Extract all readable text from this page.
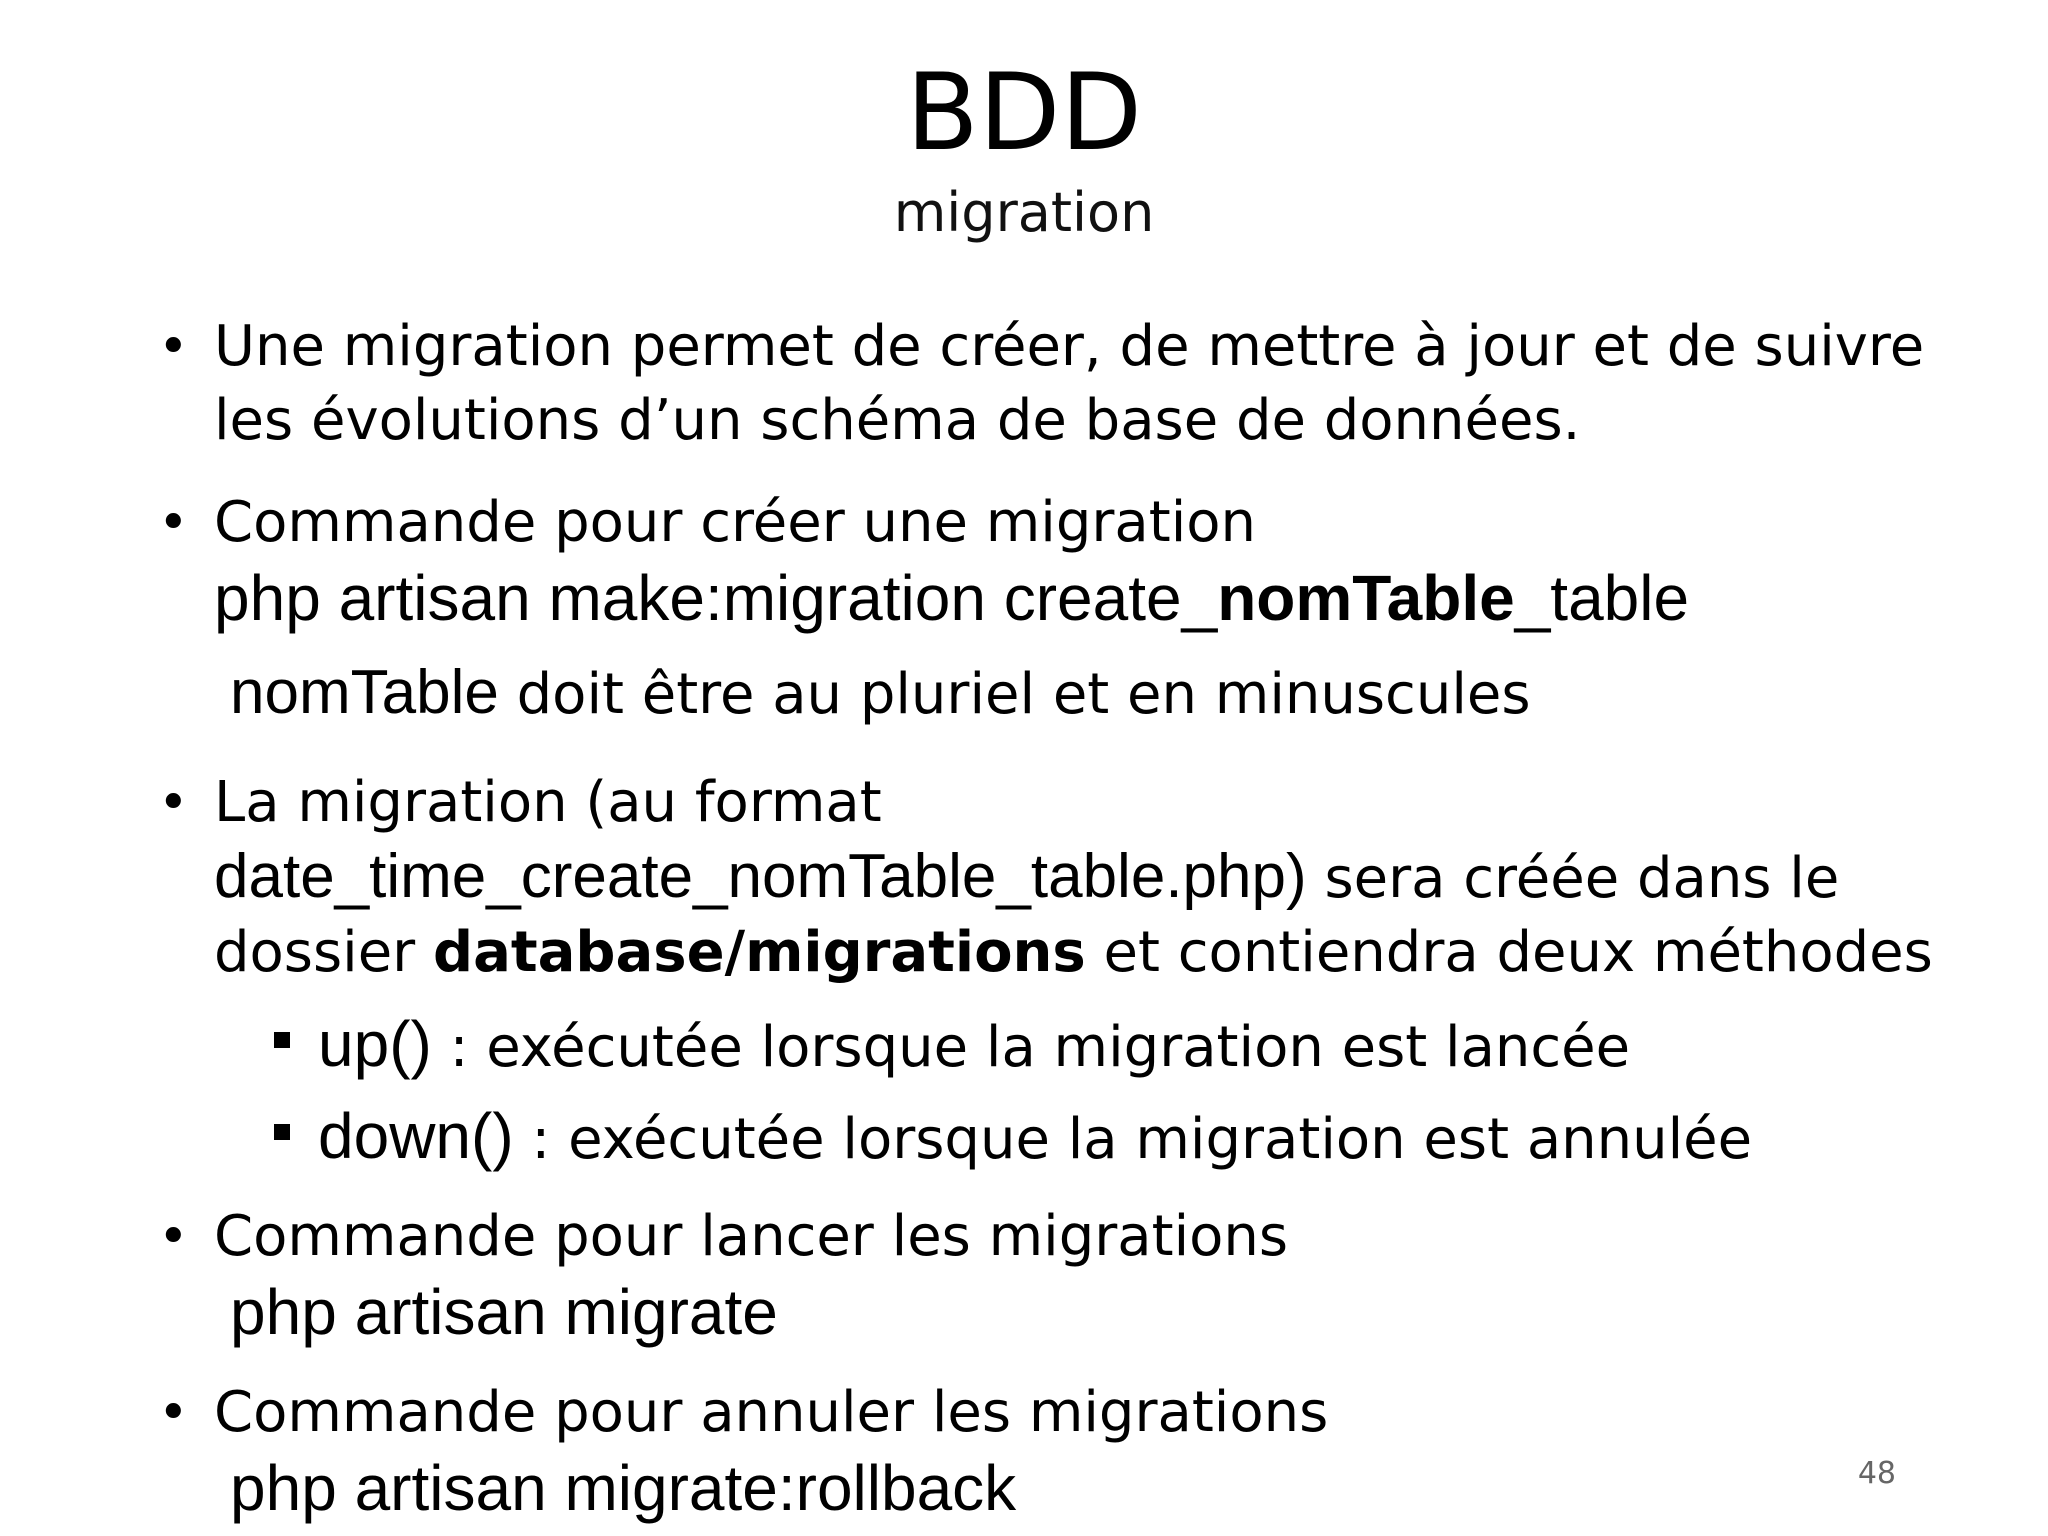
BDD
migration
• Une migration permet de créer, de mettre à jour et de suivre
les évolutions d’un schéma de base de données.
• Commande pour créer une migration
php artisan make:migration create_nomTable_table
nomTable doit être au pluriel et en minuscules
• La migration (au format
date_time_create_nomTable_table.php) sera créée dans le
dossier database/migrations et contiendra deux méthodes
up() : exécutée lorsque la migration est lancée
down() : exécutée lorsque la migration est annulée
• Commande pour lancer les migrations
php artisan migrate
• Commande pour annuler les migrations
php artisan migrate:rollback	48
